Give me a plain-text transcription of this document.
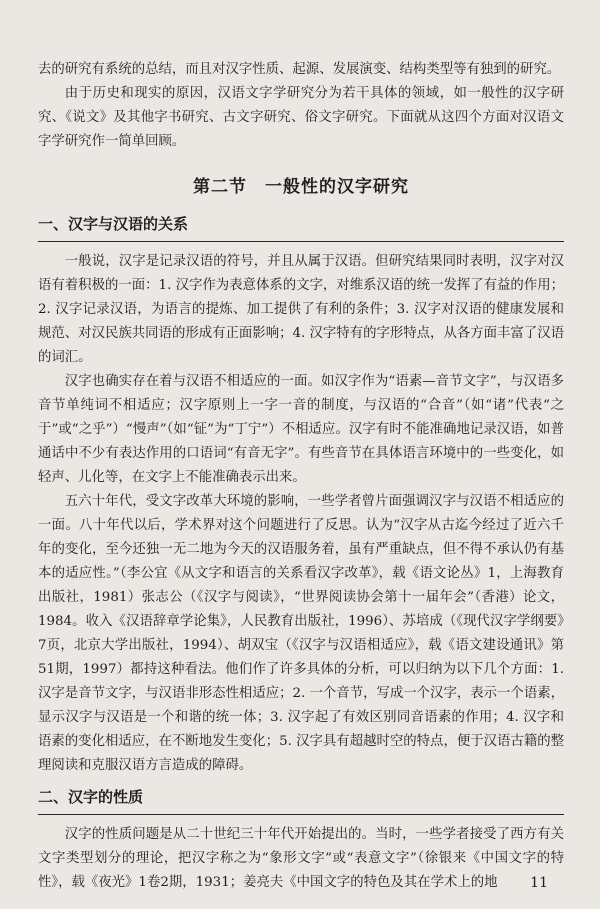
去的研究有系统的总结，而且对汉字性质、起源、发展演变、结构类型等有独到的研究。

由于历史和现实的原因，汉语文字学研究分为若干具体的领域，如一般性的汉字研究、《说文》及其他字书研究、古文字研究、俗文字研究。下面就从这四个方面对汉语文字学研究作一简单回顾。

第二节 一般性的汉字研究
一、汉字与汉语的关系

一般说，汉字是记录汉语的符号，并且从属于汉语。但研究结果同时表明，汉字对汉语有着积极的一面：1. 汉字作为表意体系的文字，对维系汉语的统一发挥了有益的作用；2. 汉字记录汉语，为语言的提炼、加工提供了有利的条件；3. 汉字对汉语的健康发展和规范、对汉民族共同语的形成有正面影响；4. 汉字特有的字形特点，从各方面丰富了汉语的词汇。

汉字也确实存在着与汉语不相适应的一面。如汉字作为“语素—音节文字”，与汉语多音节单纯词不相适应；汉字原则上一字一音的制度，与汉语的“合音”（如“诸”代表“之于”或“之乎”）“慢声”（如“钲”为“丁宁”）不相适应。汉字有时不能准确地记录汉语，如普通话中不少有表达作用的口语词“有音无字”。有些音节在具体语言环境中的一些变化，如轻声、儿化等，在文字上不能准确表示出来。

五六十年代，受文字改革大环境的影响，一些学者曾片面强调汉字与汉语不相适应的一面。八十年代以后，学术界对这个问题进行了反思。认为“汉字从古迄今经过了近六千年的变化，至今还独一无二地为今天的汉语服务着，虽有严重缺点，但不得不承认仍有基本的适应性。”（李公宜《从文字和语言的关系看汉字改革》，载《语文论丛》1，上海教育出版社，1981）张志公（《汉字与阅读》，“世界阅读协会第十一届年会”（香港）论文，1984。收入《汉语辞章学论集》，人民教育出版社，1996）、苏培成（《现代汉字学纲要》7页，北京大学出版社，1994）、胡双宝（《汉字与汉语相适应》，载《语文建设通讯》第51期，1997）都持这种看法。他们作了许多具体的分析，可以归纳为以下几个方面：1. 汉字是音节文字，与汉语非形态性相适应；2. 一个音节，写成一个汉字，表示一个语素，显示汉字与汉语是一个和谐的统一体；3. 汉字起了有效区别同音语素的作用；4. 汉字和语素的变化相适应，在不断地发生变化；5. 汉字具有超越时空的特点，便于汉语古籍的整理阅读和克服汉语方言造成的障碍。

二、汉字的性质

汉字的性质问题是从二十世纪三十年代开始提出的。当时，一些学者接受了西方有关文字类型划分的理论，把汉字称之为“象形文字”或“表意文字”（徐银来《中国文字的特性》，载《夜光》1卷2期，1931；姜亮夫《中国文字的特色及其在学术上的地	11
